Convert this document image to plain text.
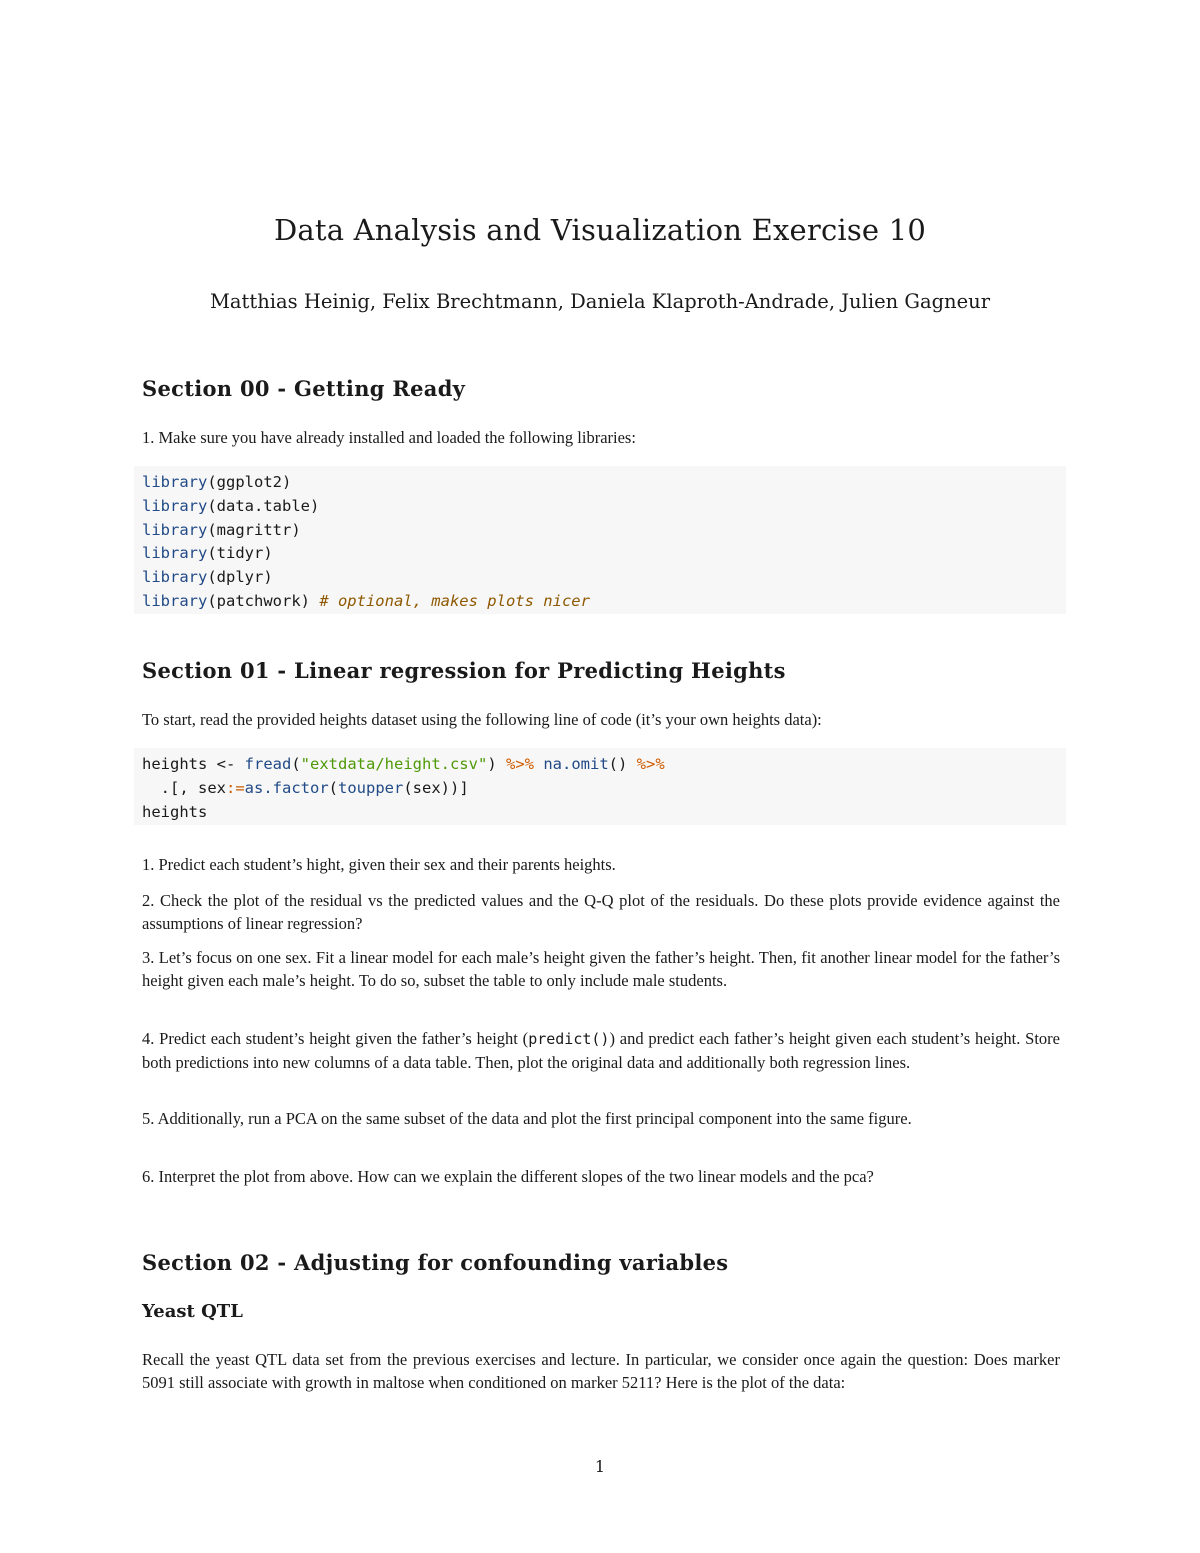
Data Analysis and Visualization Exercise 10

Matthias Heinig, Felix Brechtmann, Daniela Klaproth-Andrade, Julien Gagneur

Section 00 - Getting Ready

1. Make sure you have already installed and loaded the following libraries:

library(ggplot2)
library(data.table)
library(magrittr)
library(tidyr)
library(dplyr)
library(patchwork) # optional, makes plots nicer
Section 01 - Linear regression for Predicting Heights

To start, read the provided heights dataset using the following line of code (it’s your own heights data):

heights <- fread("extdata/height.csv") %>% na.omit() %>%
.[, sex:=as.factor(toupper(sex))]
heights

1. Predict each student’s hight, given their sex and their parents heights.

2. Check the plot of the residual vs the predicted values and the Q-Q plot of the residuals. Do these plots provide evidence against the assumptions of linear regression?

3. Let’s focus on one sex. Fit a linear model for each male’s height given the father’s height. Then, fit another linear model for the father’s height given each male’s height. To do so, subset the table to only include male students.

4. Predict each student’s height given the father’s height (predict()) and predict each father’s height given each student’s height. Store both predictions into new columns of a data table. Then, plot the original data and additionally both regression lines.

5. Additionally, run a PCA on the same subset of the data and plot the first principal component into the same figure.

6. Interpret the plot from above. How can we explain the different slopes of the two linear models and the pca?

Section 02 - Adjusting for confounding variables
Yeast QTL

Recall the yeast QTL data set from the previous exercises and lecture. In particular, we consider once again the question: Does marker 5091 still associate with growth in maltose when conditioned on marker 5211? Here is the plot of the data:

1
